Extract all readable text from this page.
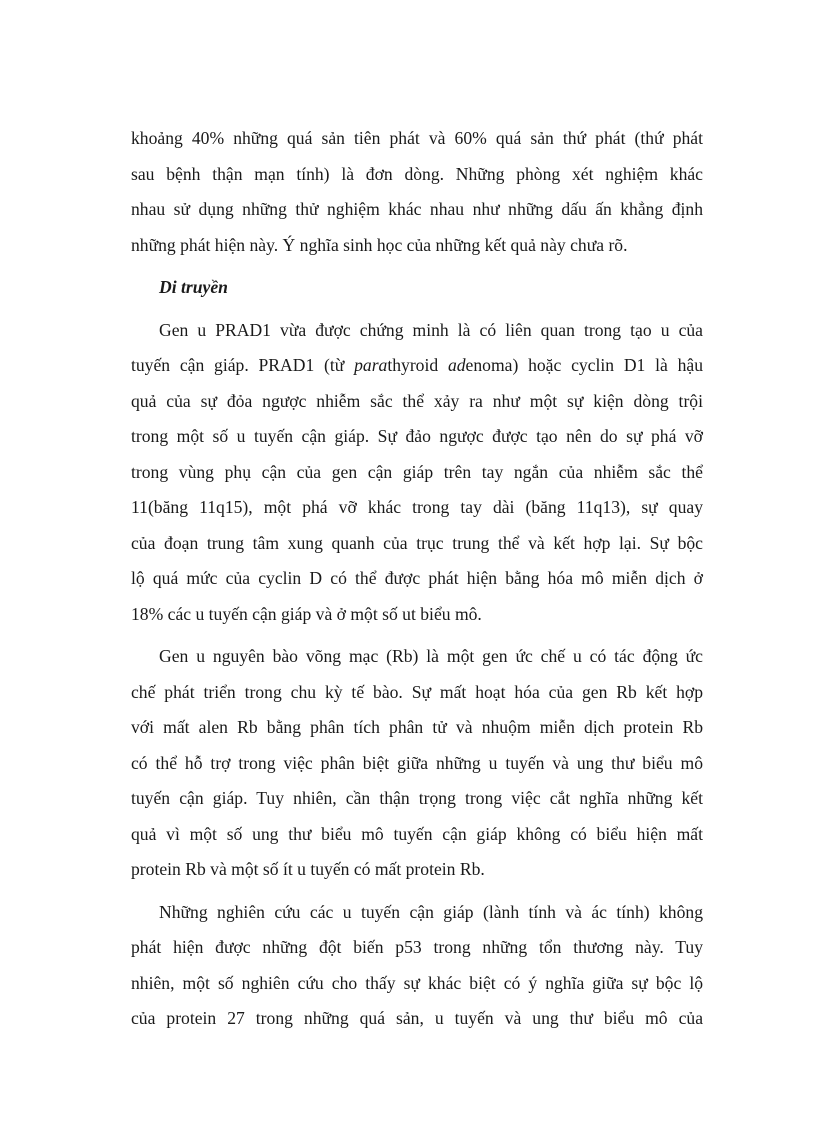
khoảng 40% những quá sản tiên phát và 60% quá sản thứ phát (thứ phát
sau bệnh thận mạn tính) là đơn dòng. Những phòng xét nghiệm khác
nhau sử dụng những thử nghiệm khác nhau như những dấu ấn khẳng định
những phát hiện này. Ý nghĩa sinh học của những kết quả này chưa rõ.
Di truyền
Gen u PRAD1 vừa được chứng minh là có liên quan trong tạo u của
tuyến cận giáp. PRAD1 (từ parathyroid adenoma) hoặc cyclin D1 là hậu
quả của sự đỏa ngược nhiễm sắc thể xảy ra như một sự kiện dòng trội
trong một số u tuyến cận giáp. Sự đảo ngược được tạo nên do sự phá vỡ
trong vùng phụ cận của gen cận giáp trên tay ngắn của nhiễm sắc thể
11(băng 11q15), một phá vỡ khác trong tay dài (băng 11q13), sự quay
của đoạn trung tâm xung quanh của trục trung thể và kết hợp lại. Sự bộc
lộ quá mức của cyclin D có thể được phát hiện bằng hóa mô miễn dịch ở
18% các u tuyến cận giáp và ở một số ut biểu mô.
Gen u nguyên bào võng mạc (Rb) là một gen ức chế u có tác động ức
chế phát triển trong chu kỳ tế bào. Sự mất hoạt hóa của gen Rb kết hợp
với mất alen Rb bằng phân tích phân tử và nhuộm miễn dịch protein Rb
có thể hỗ trợ trong việc phân biệt giữa những u tuyến và ung thư biểu mô
tuyến cận giáp. Tuy nhiên, cần thận trọng trong việc cắt nghĩa những kết
quả vì một số ung thư biểu mô tuyến cận giáp không có biểu hiện mất
protein Rb và một số ít u tuyến có mất protein Rb.
Những nghiên cứu các u tuyến cận giáp (lành tính và ác tính) không
phát hiện được những đột biến p53 trong những tổn thương này. Tuy
nhiên, một số nghiên cứu cho thấy sự khác biệt có ý nghĩa giữa sự bộc lộ
của protein 27 trong những quá sản, u tuyến và ung thư biểu mô của
